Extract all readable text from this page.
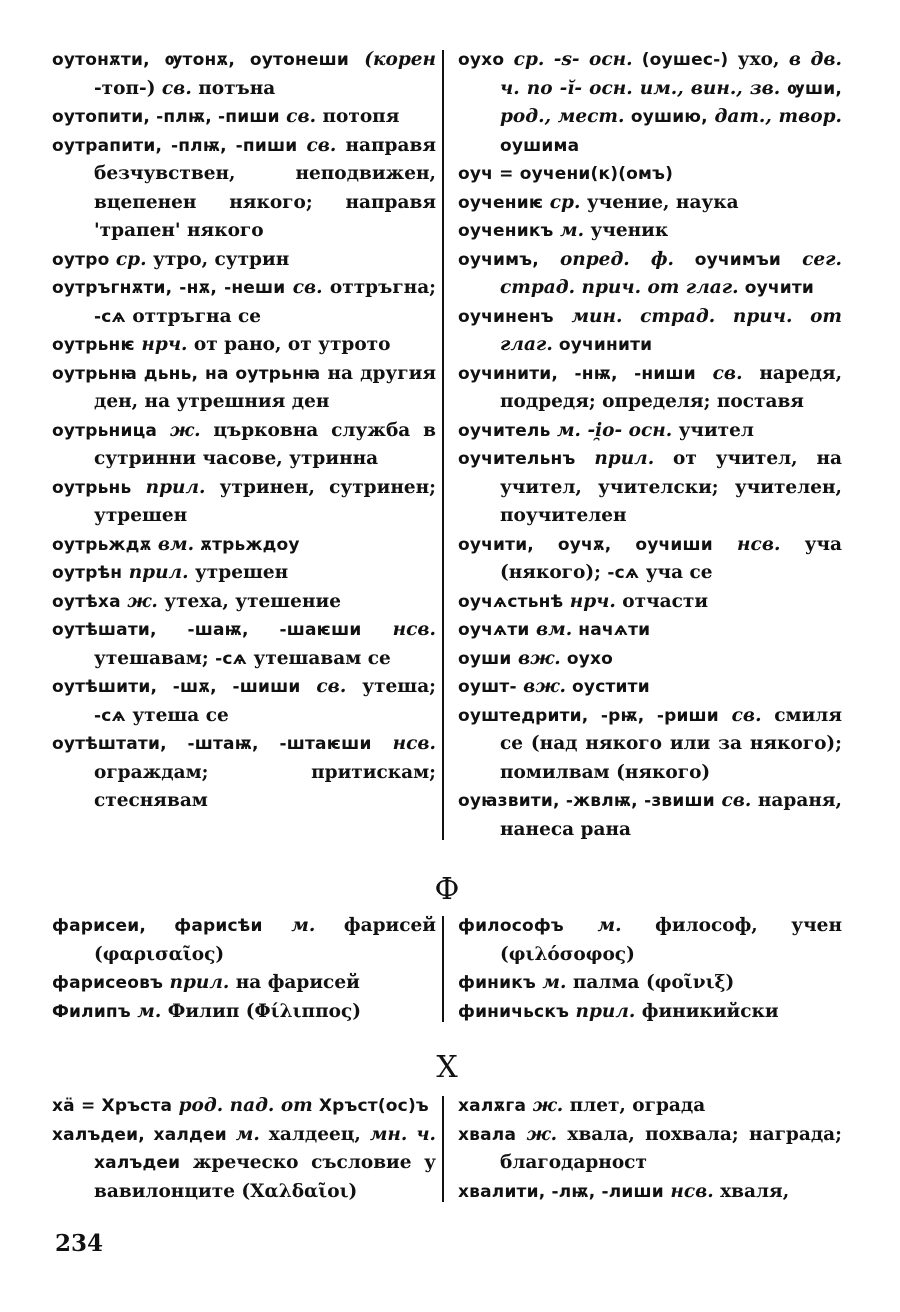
оутонѫти, ѹтонѫ, оутонеши (корен -топ-) св. потъна

оутопити, -плѭ, -пиши св. потопя

оутрапити, -плѭ, -пиши св. направя безчувствен, неподвижен, вцепенен някого; направя 'трапен' някого

оутро ср. утро, сутрин

оутръгнѫти, -нѫ, -неши св. оттръгна; -сѧ оттръгна се

оутрьнѥ нрч. от рано, от утрото

оутрьнꙗ дьнь, на оутрьнꙗ на другия ден, на утрешния ден

оутрьница ж. църковна служба в сутринни часове, утринна

оутрьнь прил. утринен, сутринен; утрешен

оутрьждѫ вм. ѫтрьждоу

оутрѣн прил. утрешен

оутѣха ж. утеха, утешение

оутѣшати, -шаѭ, -шаѥши нсв. утешавам; -сѧ утешавам се

оутѣшити, -шѫ, -шиши св. утеша; -сѧ утеша се

оутѣштати, -штаѭ, -штаѥши нсв. ограждам; притискам; стеснявам

оухо ср. -s- осн. (оушес-) ухо, в дв. ч. по -ĭ- осн. им., вин., зв. ѹши, род., мест. оушию, дат., твор. оушима

оуч = оучени(к)(омъ)

оучениѥ ср. учение, наука

оученикъ м. ученик

оучимъ, опред. ф. оучимъи сег. страд. прич. от глаг. оучити

оучиненъ мин. страд. прич. от глаг. оучинити

оучинити, -нѭ, -ниши св. наредя, подредя; определя; поставя

оучитель м. -i̯o- осн. учител

оучительнъ прил. от учител, на учител, учителски; учителен, поучителен

оучити, оучѫ, оучиши нсв. уча (някого); -сѧ уча се

оучѧстьнѣ нрч. отчасти

оучѧти вм. начѧти

оуши вж. оухо

оушт- вж. оустити

оуштедрити, -рѭ, -риши св. смиля се (над някого или за някого); помилвам (някого)

оуꙗзвити, -жвлѭ, -звиши св. нараня, нанеса рана

Ф

фарисеи, фарисѣи м. фарисей (φαρισαῖος)

фарисеовъ прил. на фарисей

Филипъ м. Филип (Φίλιππος)

философъ м. философ, учен (φιλόσοφος)

финикъ м. палма (φοῖνιξ)

финичьскъ прил. финикийски

Х

хӓ = Хръста род. пад. от Хръст(ос)ъ

халъдеи, халдеи м. халдеец, мн. ч. халъдеи жреческо съсловие у вавилонците (Χαλδαῖοι)

халѫга ж. плет, ограда

хвала ж. хвала, похвала; награда; благодарност

хвалити, -лѭ, -лиши нсв. хваля,

234
